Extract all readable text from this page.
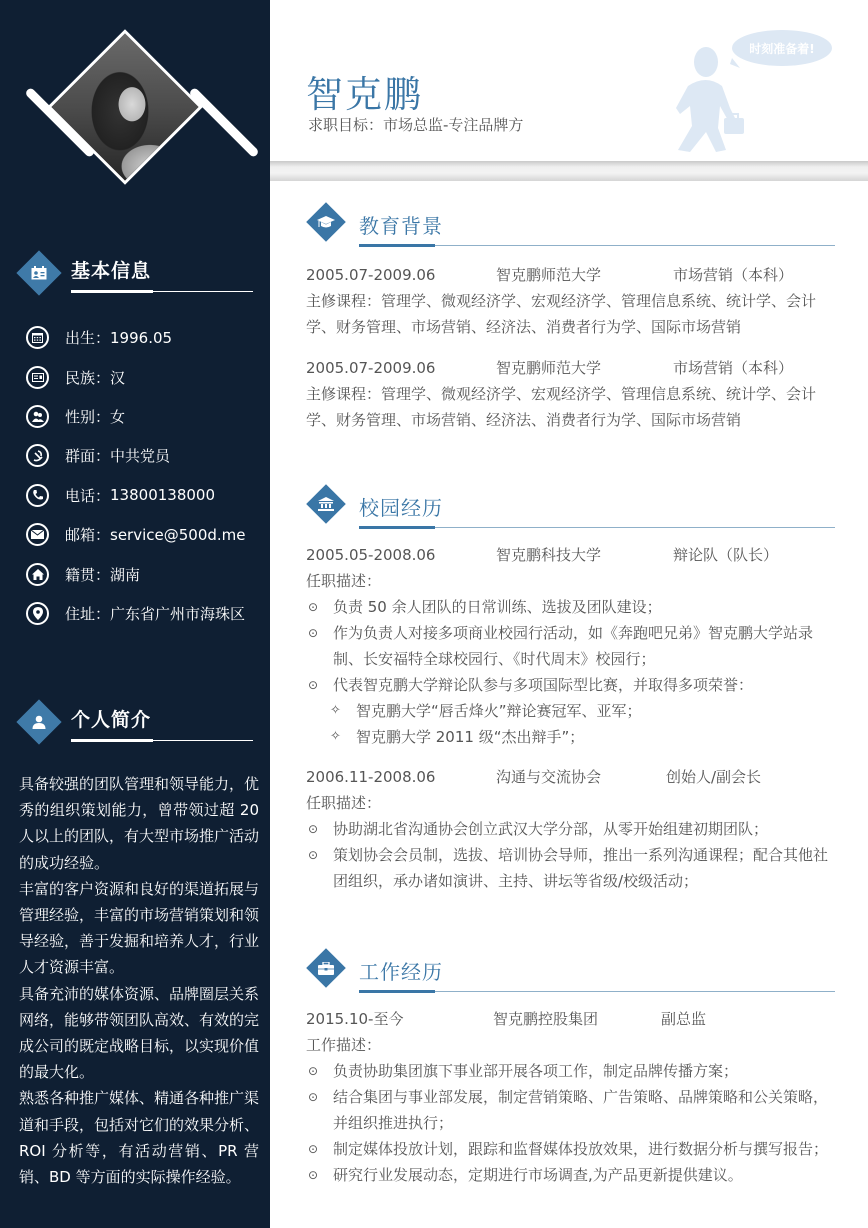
基本信息
出生： 1996.05
民族： 汉
性别： 女
群面： 中共党员
电话： 13800138000
邮箱： service@500d.me
籍贯： 湖南
住址： 广东省广州市海珠区
个人简介

具备较强的团队管理和领导能力，优秀的组织策划能力，曾带领过超 20 人以上的团队，有大型市场推广活动的成功经验。

丰富的客户资源和良好的渠道拓展与管理经验，丰富的市场营销策划和领导经验，善于发掘和培养人才，行业人才资源丰富。

具备充沛的媒体资源、品牌圈层关系网络，能够带领团队高效、有效的完成公司的既定战略目标，以实现价值的最大化。

熟悉各种推广媒体、精通各种推广渠道和手段，包括对它们的效果分析、ROI 分析等，有活动营销、PR 营销、BD 等方面的实际操作经验。

智克鹏
求职目标：市场总监-专注品牌方
时刻准备着!
教育背景
2005.07-2009.06	智克鹏师范大学	市场营销（本科）
主修课程：管理学、微观经济学、宏观经济学、管理信息系统、统计学、会计学、财务管理、市场营销、经济法、消费者行为学、国际市场营销
2005.07-2009.06	智克鹏师范大学	市场营销（本科）
主修课程：管理学、微观经济学、宏观经济学、管理信息系统、统计学、会计学、财务管理、市场营销、经济法、消费者行为学、国际市场营销
校园经历
2005.05-2008.06	智克鹏科技大学	辩论队（队长）
任职描述：
⊙ 负责 50 余人团队的日常训练、选拔及团队建设；
⊙ 作为负责人对接多项商业校园行活动，如《奔跑吧兄弟》智克鹏大学站录制、长安福特全球校园行、《时代周末》校园行；
⊙ 代表智克鹏大学辩论队参与多项国际型比赛，并取得多项荣誉：
✧	智克鹏大学“唇舌烽火”辩论赛冠军、亚军；
✧	智克鹏大学 2011 级“杰出辩手”；
2006.11-2008.06	沟通与交流协会	创始人/副会长
任职描述：
⊙ 协助湖北省沟通协会创立武汉大学分部，从零开始组建初期团队；
⊙ 策划协会会员制，选拔、培训协会导师，推出一系列沟通课程；配合其他社团组织，承办诸如演讲、主持、讲坛等省级/校级活动；
工作经历
2015.10-至今	智克鹏控股集团	副总监
工作描述：
⊙ 负责协助集团旗下事业部开展各项工作，制定品牌传播方案；
⊙ 结合集团与事业部发展，制定营销策略、广告策略、品牌策略和公关策略，并组织推进执行；
⊙ 制定媒体投放计划，跟踪和监督媒体投放效果，进行数据分析与撰写报告；
⊙ 研究行业发展动态，定期进行市场调查,为产品更新提供建议。
